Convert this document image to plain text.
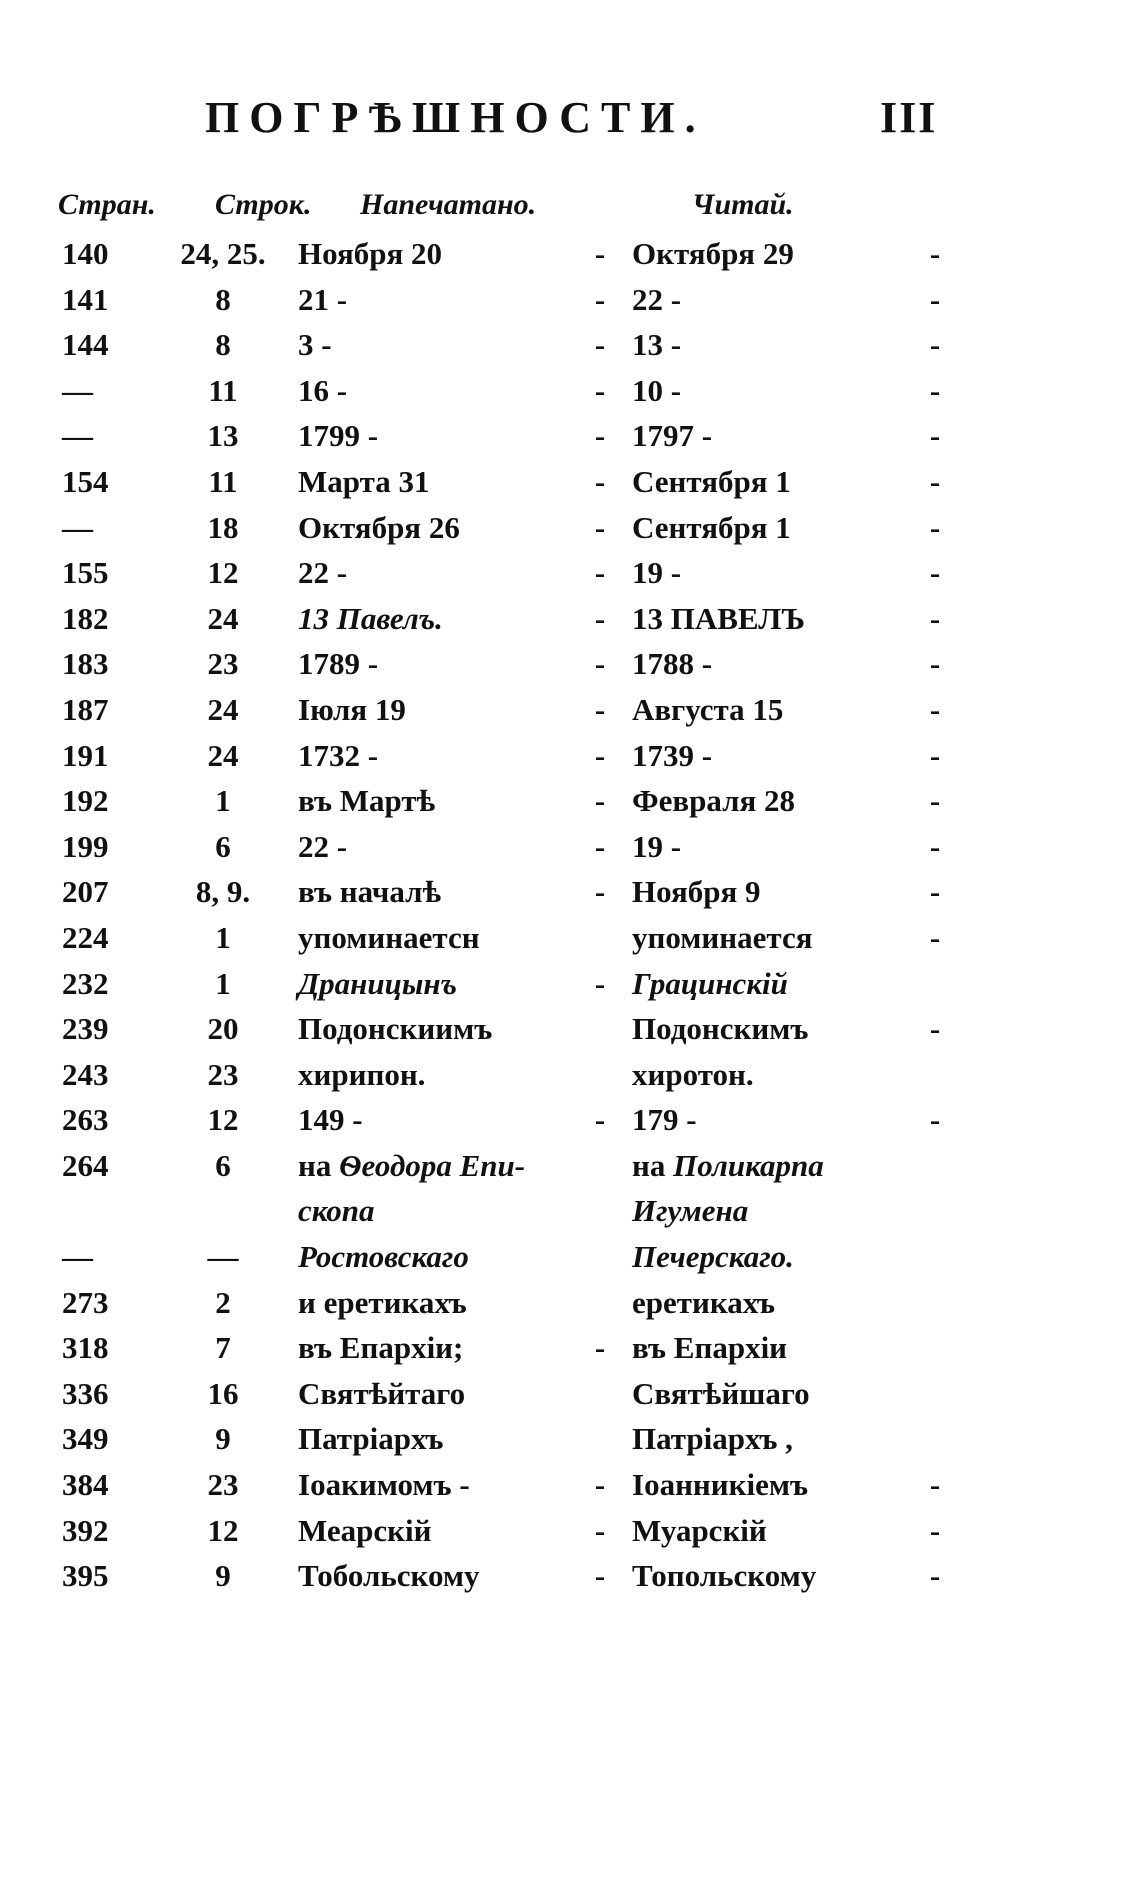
ПОГРѢШНОСТИ.	III
Стран. Строк. Напечатано.	Читай.
140	24, 25.	Ноября 20	- Октября 29	-
141	8	21 -	- 22 -	-
144	8	3 -	- 13 -	-
—	11	16 -	- 10 -	-
—	13	1799 -	- 1797 -	-
154	11	Марта 31	- Сентября 1	-
—	18	Октября 26	- Сентября 1	-
155	12	22 -	- 19 -	-
182	24	13 Павелъ.	- 13 ПАВЕЛЪ	-
183	23	1789 -	- 1788 -	-
187	24	Іюля 19	- Августа 15	-
191	24	1732 -	- 1739 -	-
192	1	въ Мартѣ	- Февраля 28	-
199	6	22 -	- 19 -	-
207	8, 9.	въ началѣ	- Ноября 9	-
224	1	упоминаетсн	упоминается	-
232	1	Драницынъ	- Грацинскій
239	20	Подонскиимъ	Подонскимъ	-
243	23	хирипон.	хиротон.
263	12	149 -	- 179 -	-
264	6	на Ѳеодора Епи-	на Поликарпа
скопа	Игумена
—	—	Ростовскаго	Печерскаго.
273	2	и еретикахъ	еретикахъ
318	7	въ Епархіи;	- въ Епархіи
336	16	Святѣйтаго	Святѣйшаго
349	9	Патріархъ	Патріархъ ,
384	23	Іоакимомъ -	- Іоанникіемъ	-
392	12	Меарскій	- Муарскій	-
395	9	Тобольскому	- Топольскому	-
